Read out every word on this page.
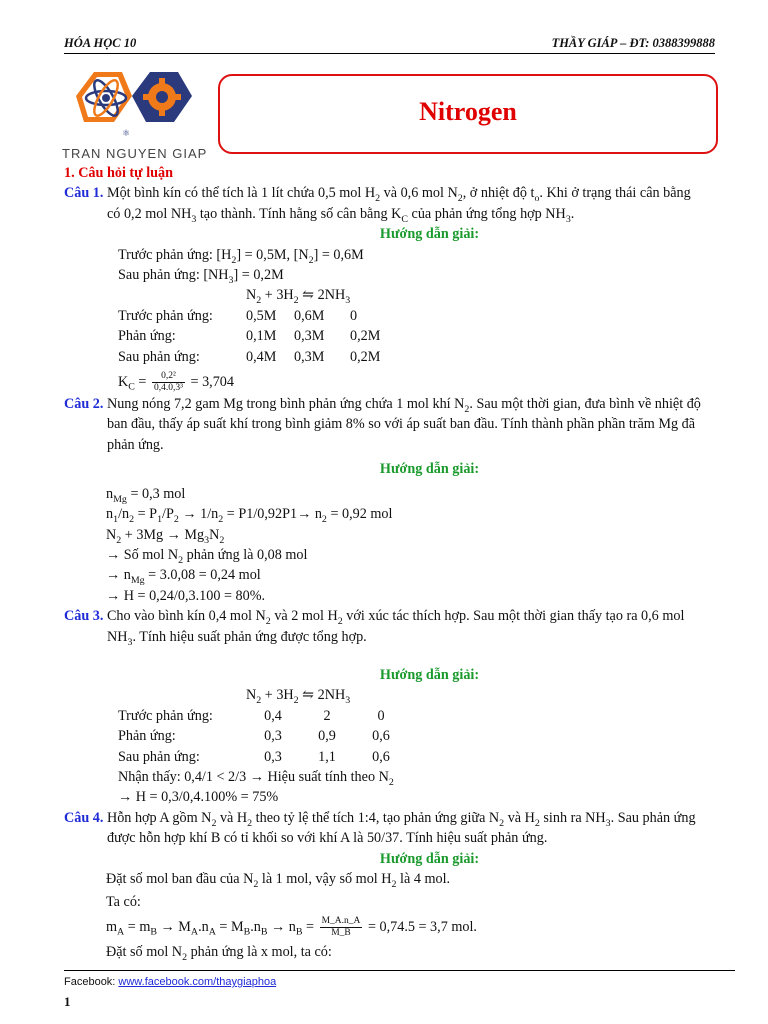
HÓA HỌC 10	THẦY GIÁP – ĐT: 0388399888
⚛
TRAN NGUYEN GIAP
Nitrogen
1. Câu hỏi tự luận
Câu 1. Một bình kín có thể tích là 1 lít chứa 0,5 mol $H_2$ và 0,6 mol $N_2$, ở nhiệt độ $t_o$. Khi ở trạng thái cân bằng
có 0,2 mol $NH_3$ tạo thành. Tính hằng số cân bằng $K_C$ của phản ứng tổng hợp $NH_3$.
Hướng dẫn giải:
Trước phản ứng: $[H_2] = 0,5M$, $[N_2] = 0,6M$
Sau phản ứng: $[NH_3] = 0,2M$
	$N_2 + 3H_2$ ⇋ $2NH_3$
Trước phản ứng:	0,5M	0,6M	0
Phản ứng:	0,1M	0,3M	0,2M
Sau phản ứng:	0,4M	0,3M	0,2M
$K_C = \frac{\text{0,2²}}{\text{0,4.0,3³}} = 3,704$
Câu 2. Nung nóng 7,2 gam Mg trong bình phản ứng chứa 1 mol khí $N_2$. Sau một thời gian, đưa bình về nhiệt độ
ban đầu, thấy áp suất khí trong bình giảm 8% so với áp suất ban đầu. Tính thành phần phần trăm Mg đã
phản ứng.
Hướng dẫn giải:
$n_{Mg} = 0,3$ mol
$n_1/n_2 = P_1/P_2 \to 1/n_2 = P1/0,92P1\to n_2 = 0,92$ mol
$N_2 + 3Mg \to Mg_3N_2$
→ Số mol $N_2$ phản ứng là 0,08 mol
→ $n_{Mg} = 3.0,08 = 0,24$ mol
→ H = 0,24/0,3.100 = 80%.
Câu 3. Cho vào bình kín 0,4 mol $N_2$ và 2 mol $H_2$ với xúc tác thích hợp. Sau một thời gian thấy tạo ra 0,6 mol
$NH_3$. Tính hiệu suất phản ứng được tổng hợp.
Hướng dẫn giải:
	$N_2 + 3H_2$ ⇋ $2NH_3$
Trước phản ứng:	0,4	2	0
Phản ứng:	0,3	0,9	0,6
Sau phản ứng:	0,3	1,1	0,6
Nhận thấy: 0,4/1 < 2/3 → Hiệu suất tính theo $N_2$
→ H = 0,3/0,4.100% = 75%
Câu 4. Hỗn hợp A gồm $N_2$ và $H_2$ theo tỷ lệ thể tích 1:4, tạo phản ứng giữa $N_2$ và $H_2$ sinh ra $NH_3$. Sau phản ứng
được hỗn hợp khí B có tỉ khối so với khí A là 50/37. Tính hiệu suất phản ứng.
Hướng dẫn giải:
Đặt số mol ban đầu của $N_2$ là 1 mol, vậy số mol $H_2$ là 4 mol.
Ta có:
$m_A = m_B \to M_A.n_A = M_B.n_B \to n_B = \frac{M\_A.n\_A}{M\_B} = 0,74.5 = 3,7$ mol.
Đặt số mol $N_2$ phản ứng là x mol, ta có:
Facebook: www.facebook.com/thaygiaphoa
1
